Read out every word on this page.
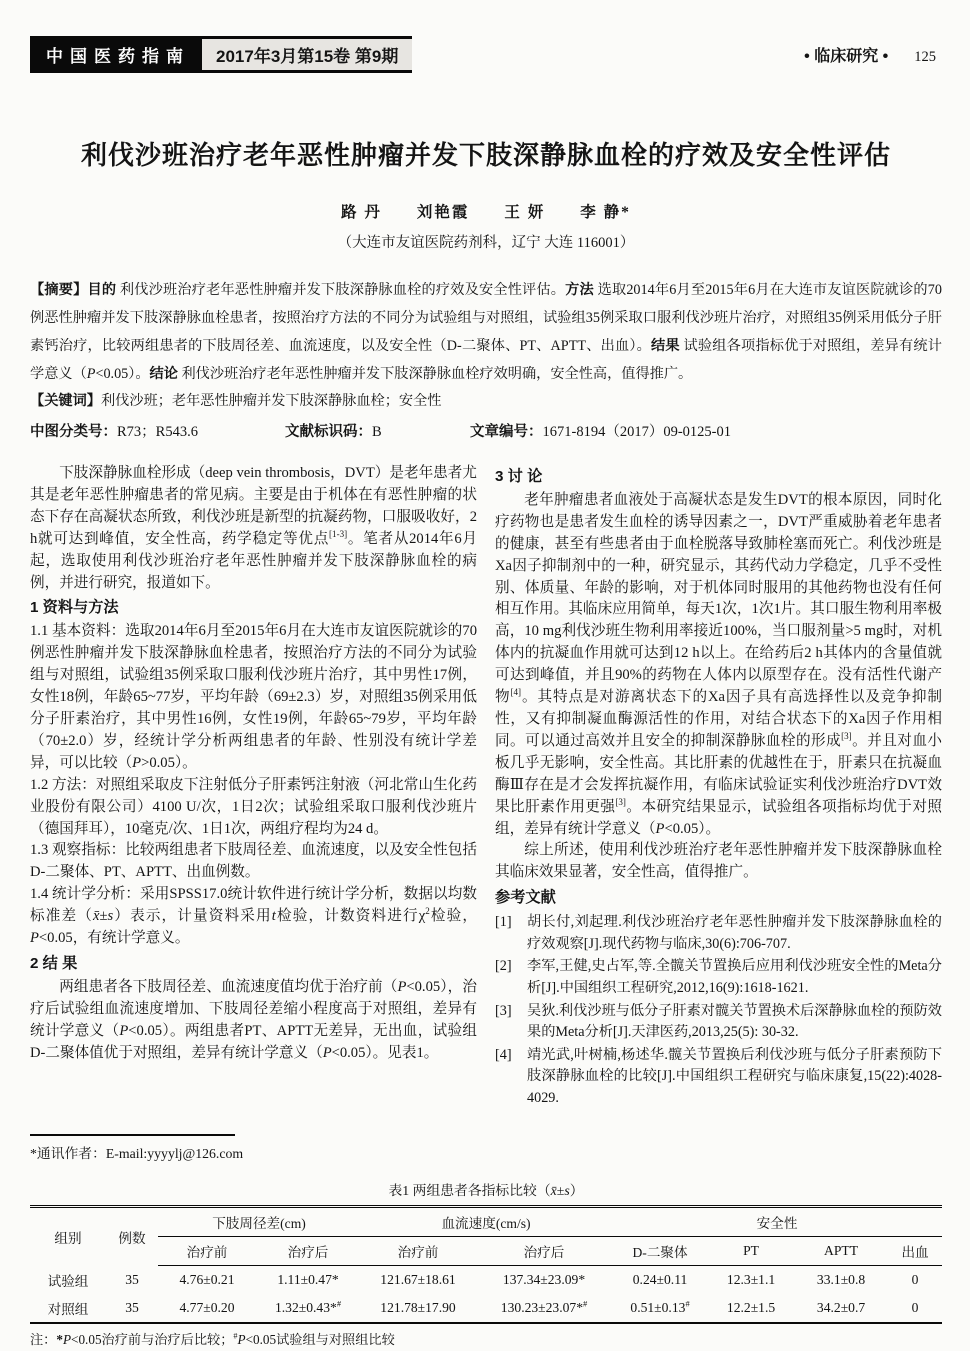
中国医药指南	2017年3月第15卷 第9期	• 临床研究 • 125
利伐沙班治疗老年恶性肿瘤并发下肢深静脉血栓的疗效及安全性评估
路 丹　　刘艳霞　　王 妍　　李 静*
（大连市友谊医院药剂科，辽宁 大连 116001）
【摘要】目的 利伐沙班治疗老年恶性肿瘤并发下肢深静脉血栓的疗效及安全性评估。方法 选取2014年6月至2015年6月在大连市友谊医院就诊的70例恶性肿瘤并发下肢深静脉血栓患者，按照治疗方法的不同分为试验组与对照组，试验组35例采取口服利伐沙班片治疗，对照组35例采用低分子肝素钙治疗，比较两组患者的下肢周径差、血流速度，以及安全性（D-二聚体、PT、APTT、出血）。结果 试验组各项指标优于对照组，差异有统计学意义（P<0.05）。结论 利伐沙班治疗老年恶性肿瘤并发下肢深静脉血栓疗效明确，安全性高，值得推广。
【关键词】利伐沙班；老年恶性肿瘤并发下肢深静脉血栓；安全性
中图分类号：R73；R543.6	文献标识码：B	文章编号：1671-8194（2017）09-0125-01

下肢深静脉血栓形成（deep vein thrombosis，DVT）是老年患者尤其是老年恶性肿瘤患者的常见病。主要是由于机体在有恶性肿瘤的状态下存在高凝状态所致，利伐沙班是新型的抗凝药物，口服吸收好，2 h就可达到峰值，安全性高，药学稳定等优点[1-3]。笔者从2014年6月起，选取使用利伐沙班治疗老年恶性肿瘤并发下肢深静脉血栓的病例，并进行研究，报道如下。

1 资料与方法

1.1 基本资料：选取2014年6月至2015年6月在大连市友谊医院就诊的70例恶性肿瘤并发下肢深静脉血栓患者，按照治疗方法的不同分为试验组与对照组，试验组35例采取口服利伐沙班片治疗，其中男性17例，女性18例，年龄65~77岁，平均年龄（69±2.3）岁，对照组35例采用低分子肝素治疗，其中男性16例，女性19例，年龄65~79岁，平均年龄（70±2.0）岁，经统计学分析两组患者的年龄、性别没有统计学差异，可以比较（P>0.05）。

1.2 方法：对照组采取皮下注射低分子肝素钙注射液（河北常山生化药业股份有限公司）4100 U/次，1日2次；试验组采取口服利伐沙班片（德国拜耳），10毫克/次、1日1次，两组疗程均为24 d。

1.3 观察指标：比较两组患者下肢周径差、血流速度，以及安全性包括D-二聚体、PT、APTT、出血例数。

1.4 统计学分析：采用SPSS17.0统计软件进行统计学分析，数据以均数标准差（x̄±s）表示，计量资料采用t检验，计数资料进行$\chi^2$检验，P<0.05，有统计学意义。

2 结 果

两组患者各下肢周径差、血流速度值均优于治疗前（P<0.05），治疗后试验组血流速度增加、下肢周径差缩小程度高于对照组，差异有统计学意义（P<0.05）。两组患者PT、APTT无差异，无出血，试验组D-二聚体值优于对照组，差异有统计学意义（P<0.05）。见表1。

*通讯作者：E-mail:yyyylj@126.com
3 讨 论

老年肿瘤患者血液处于高凝状态是发生DVT的根本原因，同时化疗药物也是患者发生血栓的诱导因素之一，DVT严重威胁着老年患者的健康，甚至有些患者由于血栓脱落导致肺栓塞而死亡。利伐沙班是Xa因子抑制剂中的一种，研究显示，其药代动力学稳定，几乎不受性别、体质量、年龄的影响，对于机体同时服用的其他药物也没有任何相互作用。其临床应用简单，每天1次，1次1片。其口服生物利用率极高，10 mg利伐沙班生物利用率接近100%，当口服剂量>5 mg时，对机体内的抗凝血作用就可达到12 h以上。在给药后2 h其体内的含量值就可达到峰值，并且90%的药物在人体内以原型存在。没有活性代谢产物[4]。其特点是对游离状态下的Xa因子具有高选择性以及竞争抑制性，又有抑制凝血酶源活性的作用，对结合状态下的Xa因子作用相同。可以通过高效并且安全的抑制深静脉血栓的形成[3]。并且对血小板几乎无影响，安全性高。其比肝素的优越性在于，肝素只在抗凝血酶Ⅲ存在是才会发挥抗凝作用，有临床试验证实利伐沙班治疗DVT效果比肝素作用更强[3]。本研究结果显示，试验组各项指标均优于对照组，差异有统计学意义（P<0.05）。

综上所述，使用利伐沙班治疗老年恶性肿瘤并发下肢深静脉血栓其临床效果显著，安全性高，值得推广。

参考文献
[1]	胡长付,刘起理.利伐沙班治疗老年恶性肿瘤并发下肢深静脉血栓的疗效观察[J].现代药物与临床,30(6):706-707.
[2]	李军,王健,史占军,等.全髋关节置换后应用利伐沙班安全性的Meta分析[J].中国组织工程研究,2012,16(9):1618-1621.
[3]	吴狄.利伐沙班与低分子肝素对髋关节置换术后深静脉血栓的预防效果的Meta分析[J].天津医药,2013,25(5): 30-32.
[4]	靖光武,叶树楠,杨述华.髋关节置换后利伐沙班与低分子肝素预防下肢深静脉血栓的比较[J].中国组织工程研究与临床康复,15(22):4028-4029.
表1 两组患者各指标比较（x̄±s）
组别	例数	下肢周径差(cm)		血流速度(cm/s)		安全性			
		治疗前	治疗后	治疗前	治疗后	D-二聚体	PT	APTT	出血
试验组	35	4.76±0.21	1.11±0.47*	121.67±18.61	137.34±23.09*	0.24±0.11	12.3±1.1	33.1±0.8	0
对照组	35	4.77±0.20	1.32±0.43*#	121.78±17.90	130.23±23.07*#	0.51±0.13#	12.2±1.5	34.2±0.7	0
注：*P<0.05治疗前与治疗后比较；#P<0.05试验组与对照组比较
